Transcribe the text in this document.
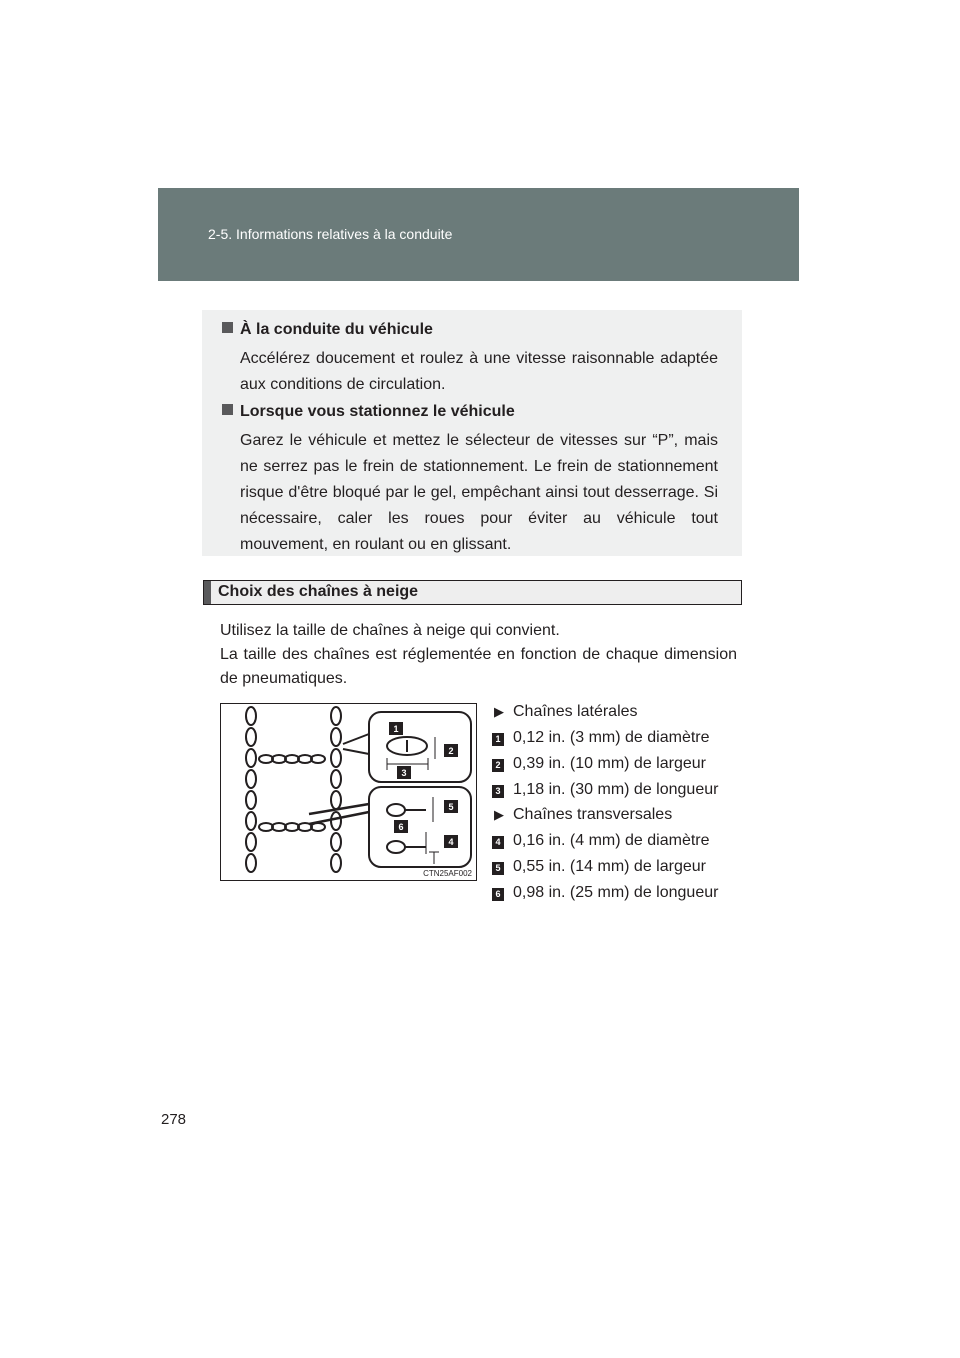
2-5. Informations relatives à la conduite
À la conduite du véhicule
Accélérez doucement et roulez à une vitesse raisonnable adaptée aux conditions de circulation.
Lorsque vous stationnez le véhicule
Garez le véhicule et mettez le sélecteur de vitesses sur “P”, mais ne serrez pas le frein de stationnement. Le frein de stationnement risque d'être bloqué par le gel, empêchant ainsi tout desserrage. Si nécessaire, caler les roues pour éviter au véhicule tout mouvement, en roulant ou en glissant.
Choix des chaînes à neige
Utilisez la taille de chaînes à neige qui convient.
La taille des chaînes est réglementée en fonction de chaque dimension de pneumatiques.
1
2
3
4
5
6
CTN25AF002
▶ Chaînes latérales
1 0,12 in. (3 mm) de diamètre
2 0,39 in. (10 mm) de largeur
3 1,18 in. (30 mm) de longueur
▶ Chaînes transversales
4 0,16 in. (4 mm) de diamètre
5 0,55 in. (14 mm) de largeur
6 0,98 in. (25 mm) de longueur
278
